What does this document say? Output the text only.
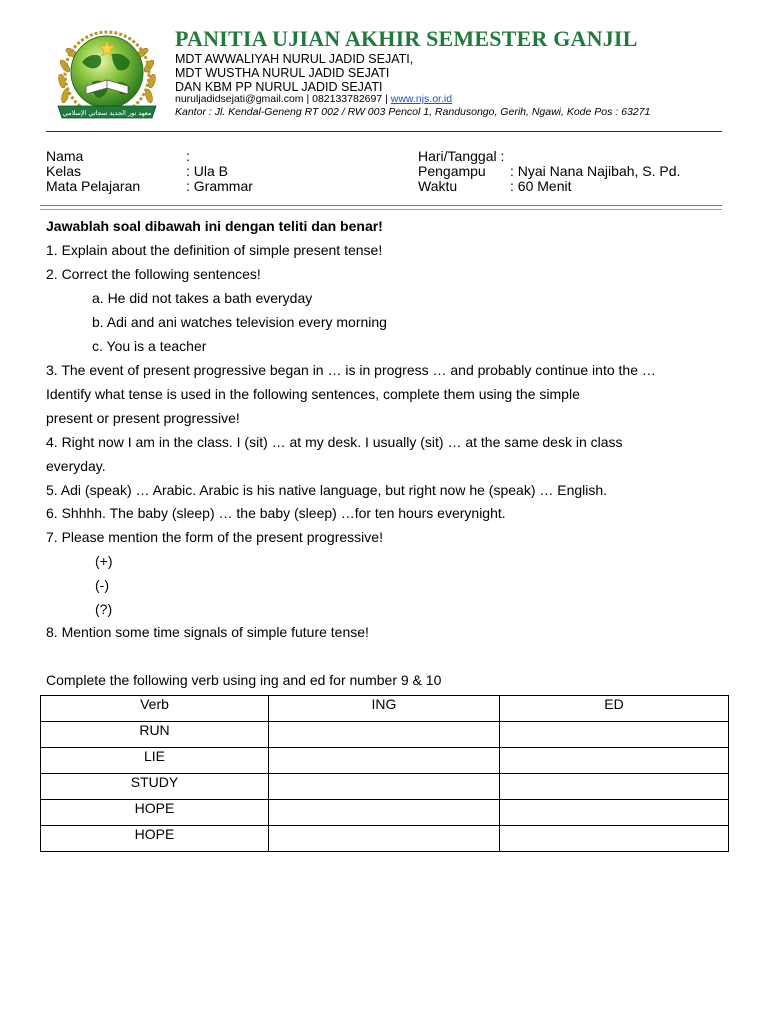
معهد نور الجديد سجاتي الإسلامي
PANITIA UJIAN AKHIR SEMESTER GANJIL
MDT AWWALIYAH NURUL JADID SEJATI,
MDT WUSTHA NURUL JADID SEJATI
DAN KBM PP NURUL JADID SEJATI
nuruljadidsejati@gmail.com | 082133782697 | www.njs.or.id
Kantor : Jl. Kendal-Geneng RT 002 / RW 003 Pencol 1, Randusongo, Gerih, Ngawi, Kode Pos : 63271
Nama	:
Kelas	: Ula B
Mata Pelajaran	: Grammar
Hari/Tanggal :
Pengampu : Nyai Nana Najibah, S. Pd.
Waktu	: 60 Menit
Jawablah soal dibawah ini dengan teliti dan benar!
1. Explain about the definition of simple present tense!
2. Correct the following sentences!
a. He did not takes a bath everyday
b. Adi and ani watches television every morning
c. You is a teacher
3. The event of present progressive began in … is in progress … and probably continue into the …
Identify what tense is used in the following sentences, complete them using the simple
present or present progressive!
4. Right now I am in the class. I (sit) … at my desk. I usually (sit) … at the same desk in class
everyday.
5. Adi (speak) … Arabic. Arabic is his native language, but right now he (speak) … English.
6. Shhhh. The baby (sleep) … the baby (sleep) …for ten hours everynight.
7. Please mention the form of the present progressive!
(+)
(-)
(?)
8. Mention some time signals of simple future tense!
Complete the following verb using ing and ed for number 9 & 10
Verb	ING	ED
RUN		
LIE		
STUDY		
HOPE		
HOPE		
